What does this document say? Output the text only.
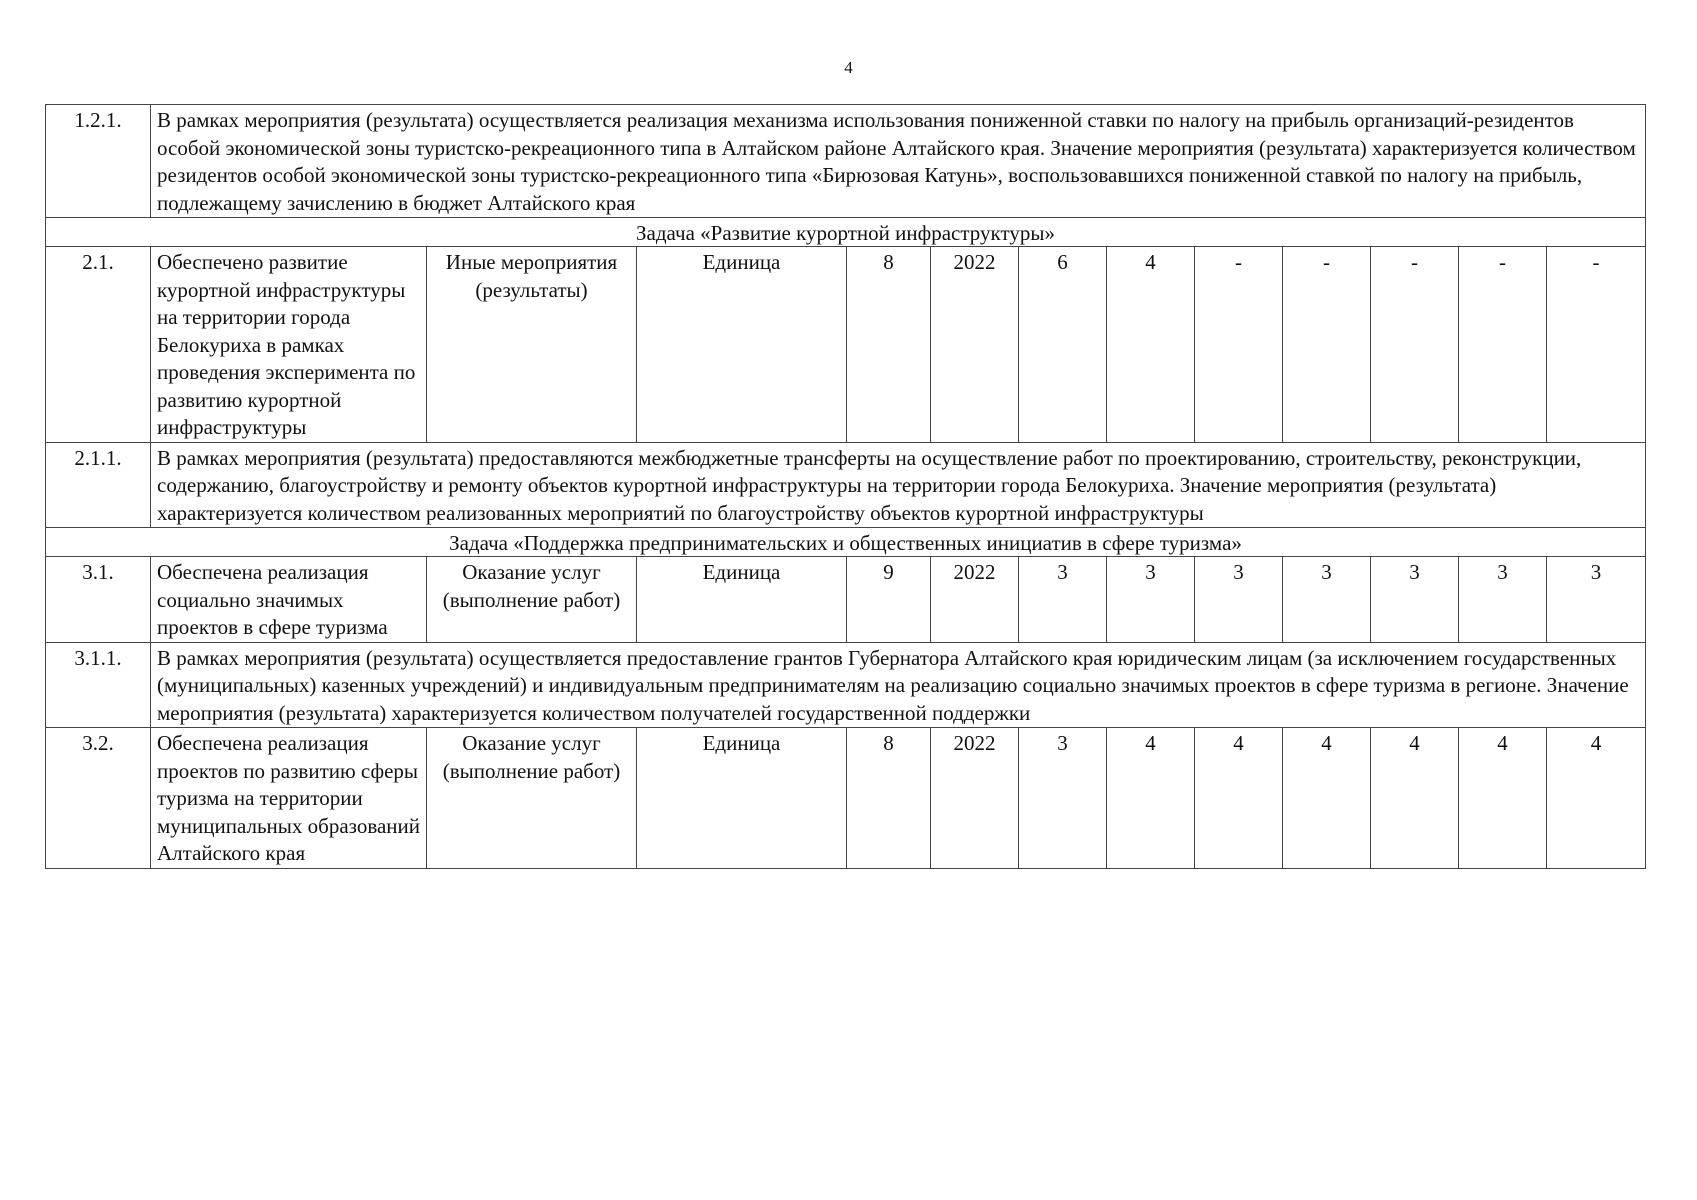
4
1.2.1.	В рамках мероприятия (результата) осуществляется реализация механизма использования пониженной ставки по налогу на прибыль организаций-резидентов особой экономической зоны туристско-рекреационного типа в Алтайском районе Алтайского края. Значение мероприятия (результата) характеризуется количеством резидентов особой экономической зоны туристско-рекреационного типа «Бирюзовая Катунь», воспользовавшихся пониженной ставкой по налогу на прибыль, подлежащему зачислению в бюджет Алтайского края											
Задача «Развитие курортной инфраструктуры»												
2.1.	Обеспечено развитие курортной инфраструктуры на территории города Белокуриха в рамках проведения эксперимента по развитию курортной инфраструктуры	Иные мероприятия (результаты)	Единица	8	2022	6	4	-	-	-	-	-
2.1.1.	В рамках мероприятия (результата) предоставляются межбюджетные трансферты на осуществление работ по проектированию, строительству, реконструкции, содержанию, благоустройству и ремонту объектов курортной инфраструктуры на территории города Белокуриха. Значение мероприятия (результата) характеризуется количеством реализованных мероприятий по благоустройству объектов курортной инфраструктуры											
Задача «Поддержка предпринимательских и общественных инициатив в сфере туризма»												
3.1.	Обеспечена реализация социально значимых проектов в сфере туризма	Оказание услуг (выполнение работ)	Единица	9	2022	3	3	3	3	3	3	3
3.1.1.	В рамках мероприятия (результата) осуществляется предоставление грантов Губернатора Алтайского края юридическим лицам (за исключением государственных (муниципальных) казенных учреждений) и индивидуальным предпринимателям на реализацию социально значимых проектов в сфере туризма в регионе. Значение мероприятия (результата) характеризуется количеством получателей государственной поддержки											
3.2.	Обеспечена реализация проектов по развитию сферы туризма на территории муниципальных образований Алтайского края	Оказание услуг (выполнение работ)	Единица	8	2022	3	4	4	4	4	4	4
